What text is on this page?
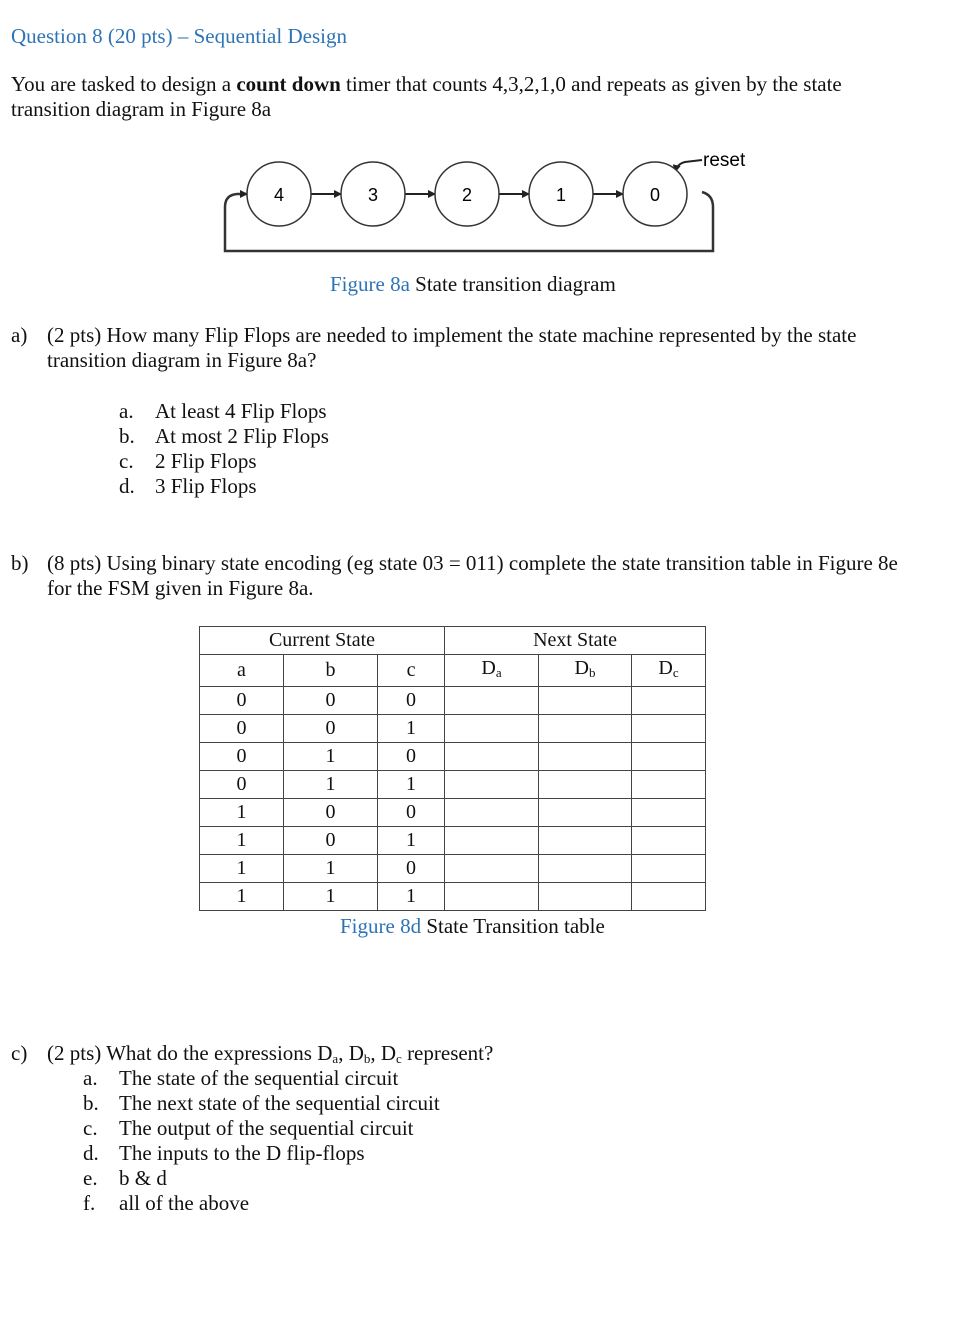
Question 8 (20 pts) – Sequential Design
You are tasked to design a count down timer that counts 4,3,2,1,0 and repeats as given by the state
transition diagram in Figure 8a
reset
4	3	2	1	0
Figure 8a State transition diagram
a) (2 pts) How many Flip Flops are needed to implement the state machine represented by the state
transition diagram in Figure 8a?
a. At least 4 Flip Flops
b. At most 2 Flip Flops
c. 2 Flip Flops
d. 3 Flip Flops
b) (8 pts) Using binary state encoding (eg state 03 = 011) complete the state transition table in Figure 8e
for the FSM given in Figure 8a.
Current State			Next State		
a	b	c	$D_a$	$D_b$	$D_c$
0	0	0			
0	0	1			
0	1	0			
0	1	1			
1	0	0			
1	0	1			
1	1	0			
1	1	1			
Figure 8d State Transition table
c) (2 pts) What do the expressions $D_a$, $D_b$, $D_c$ represent?
a. The state of the sequential circuit
b. The next state of the sequential circuit
c. The output of the sequential circuit
d. The inputs to the D flip-flops
e. b & d
f. all of the above
